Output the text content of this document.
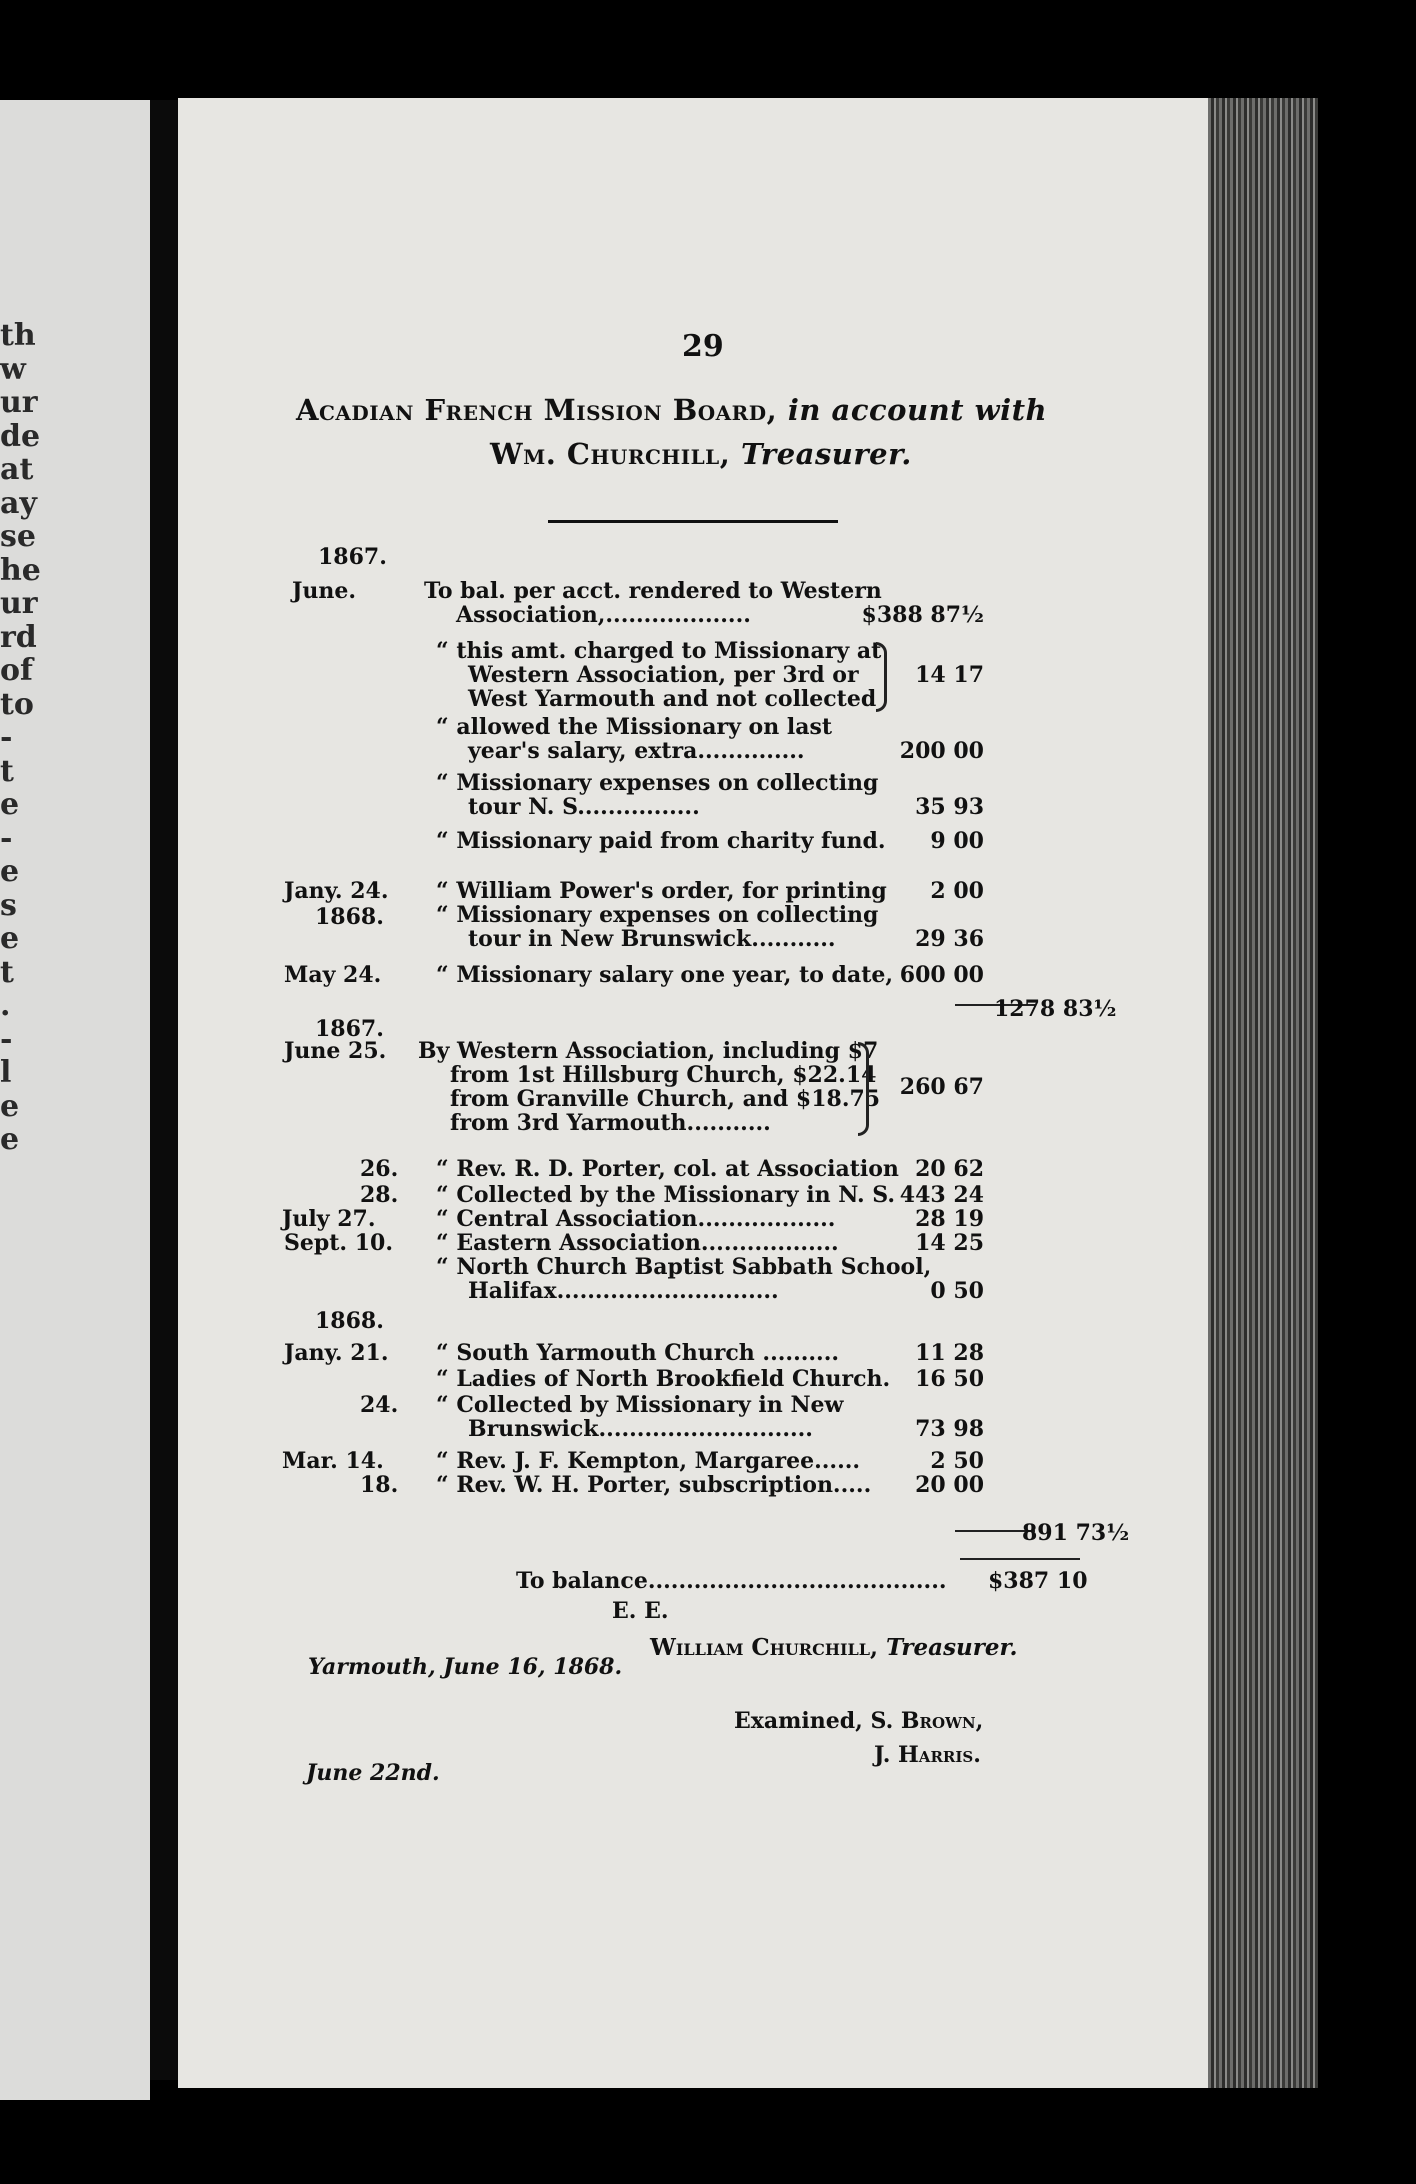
th
w
ur
de
at
ay
se
he
ur
rd
of
to
-
t
e
-
e
s
e
t
.
-
l
e
e
29
Acadian French Mission Board, in account with
Wm. Churchill, Treasurer.
1867.
1868.
June.	To bal. per acct. rendered to Western
Association,...................	$388 87½
“ this amt. charged to Missionary at
Western Association, per 3rd or
West Yarmouth and not collected
14 17
“ allowed the Missionary on last
year's salary, extra..............	200 00
“ Missionary expenses on collecting
tour N. S................	35 93
“ Missionary paid from charity fund. 9 00
Jany. 24. “ William Power's order, for printing 2 00
“ Missionary expenses on collecting
tour in New Brunswick...........	29 36
May 24. “ Missionary salary one year, to date, 600 00
1278 83½
1867.
1868.
June 25. By Western Association, including $7
from 1st Hillsburg Church, $22.14
from Granville Church, and $18.75
from 3rd Yarmouth...........
260 67
26. “ Rev. R. D. Porter, col. at Association 20 62
28. “ Collected by the Missionary in N. S. 443 24
July 27.	“ Central Association..................	28 19
Sept. 10. “ Eastern Association..................	14 25
“ North Church Baptist Sabbath School,
Halifax.............................	0 50
Jany. 21. “ South Yarmouth Church ..........	11 28
“ Ladies of North Brookfield Church. 16 50
24. “ Collected by Missionary in New
Brunswick............................	73 98
Mar. 14. “ Rev. J. F. Kempton, Margaree......	2 50
18. “ Rev. W. H. Porter, subscription..... 20 00
891 73½
To balance....................................... $387 10
E. E.
William Churchill, Treasurer.
Yarmouth, June 16, 1868.
Examined, S. Brown,
J. Harris.
June 22nd.
